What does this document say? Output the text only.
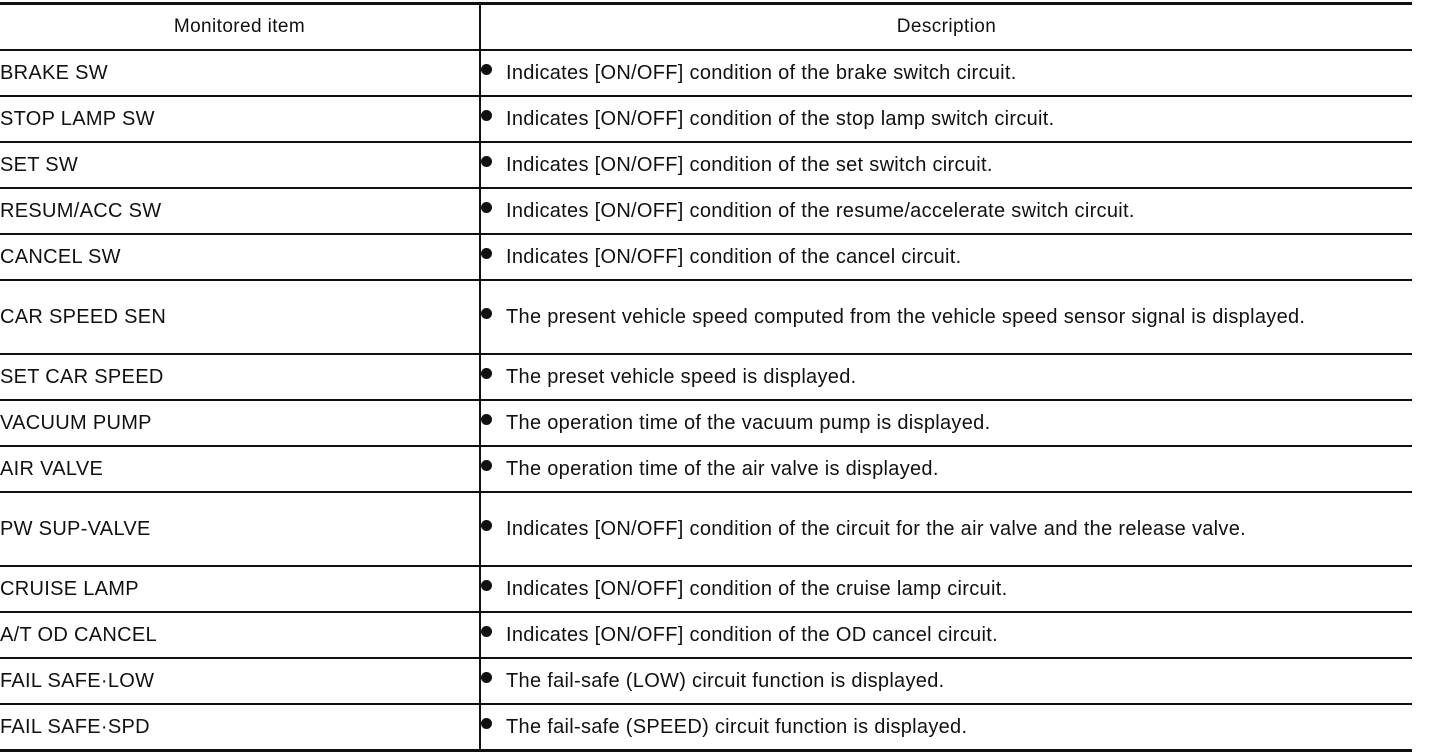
Monitored item	Description
BRAKE SW	Indicates [ON/OFF] condition of the brake switch circuit.

STOP LAMP SW	Indicates [ON/OFF] condition of the stop lamp switch circuit.

SET SW	Indicates [ON/OFF] condition of the set switch circuit.

RESUM/ACC SW	Indicates [ON/OFF] condition of the resume/accelerate switch circuit.

CANCEL SW	Indicates [ON/OFF] condition of the cancel circuit.

CAR SPEED SEN	The present vehicle speed computed from the vehicle speed sensor signal is displayed.

SET CAR SPEED	The preset vehicle speed is displayed.

VACUUM PUMP	The operation time of the vacuum pump is displayed.

AIR VALVE	The operation time of the air valve is displayed.

PW SUP-VALVE	Indicates [ON/OFF] condition of the circuit for the air valve and the release valve.

CRUISE LAMP	Indicates [ON/OFF] condition of the cruise lamp circuit.

A/T OD CANCEL	Indicates [ON/OFF] condition of the OD cancel circuit.

FAIL SAFE·LOW	The fail-safe (LOW) circuit function is displayed.

FAIL SAFE·SPD	The fail-safe (SPEED) circuit function is displayed.
